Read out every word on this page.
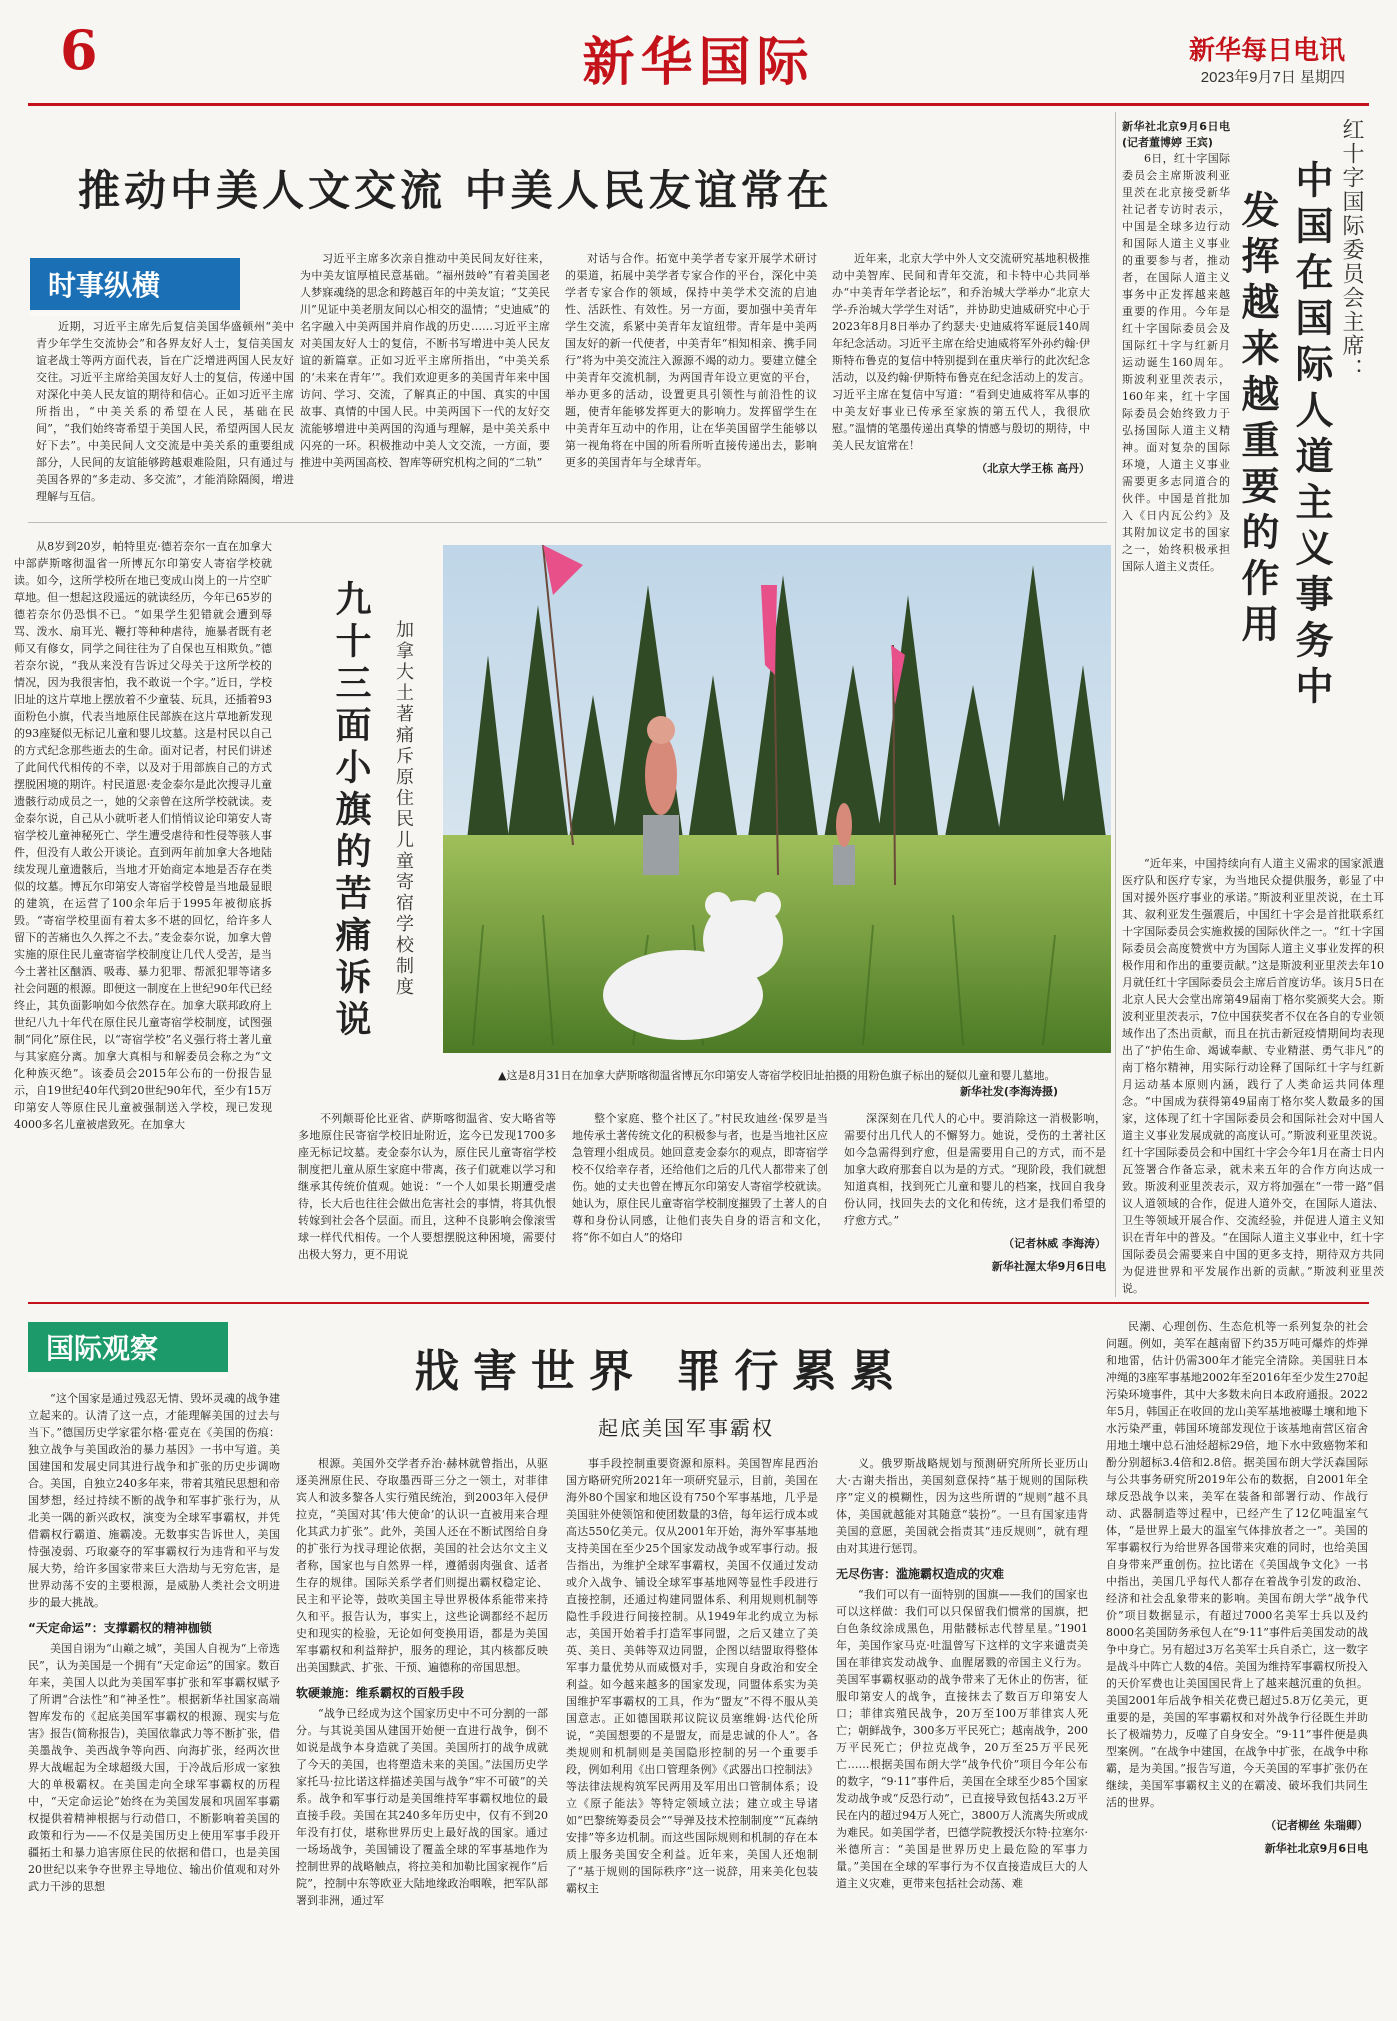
6	新华国际	新华每日电讯
2023年9月7日 星期四
推动中美人文交流 中美人民友谊常在
时事纵横

近期，习近平主席先后复信美国华盛顿州“美中青少年学生交流协会”和各界友好人士，复信美国友谊老战士等两方面代表，旨在广泛增进两国人民友好交往。习近平主席给美国友好人士的复信，传递中国对深化中美人民友谊的期待和信心。正如习近平主席所指出，“中美关系的希望在人民，基础在民间”，“我们始终寄希望于美国人民，希望两国人民友好下去”。中美民间人文交流是中美关系的重要组成部分，人民间的友谊能够跨越艰难险阻，只有通过与美国各界的“多走动、多交流”，才能消除隔阂，增进理解与互信。

习近平主席多次亲自推动中美民间友好往来，为中美友谊厚植民意基础。“福州鼓岭”有着美国老人梦寐魂绕的思念和跨越百年的中美友谊；“艾美民川”见证中美老朋友间以心相交的温情；“史迪威”的名字融入中美两国并肩作战的历史……习近平主席对美国友好人士的复信，不断书写增进中美人民友谊的新篇章。正如习近平主席所指出，“中美关系的‘未来在青年’”。我们欢迎更多的美国青年来中国访问、学习、交流，了解真正的中国、真实的中国故事、真情的中国人民。中美两国下一代的友好交流能够增进中美两国的沟通与理解，是中美关系中闪亮的一环。积极推动中美人文交流，一方面，要推进中美两国高校、智库等研究机构之间的“二轨”

对话与合作。拓宽中美学者专家开展学术研讨的渠道，拓展中美学者专家合作的平台，深化中美学者专家合作的领域，保持中美学术交流的启迪性、活跃性、有效性。另一方面，要加强中美青年学生交流，系紧中美青年友谊纽带。青年是中美两国友好的新一代使者，中美青年“相知相亲、携手同行”将为中美交流注入源源不竭的动力。要建立健全中美青年交流机制，为两国青年设立更宽的平台，举办更多的活动，设置更具引领性与前沿性的议题，使青年能够发挥更大的影响力。发挥留学生在中美青年互动中的作用，让在华美国留学生能够以第一视角将在中国的所看所听直接传递出去，影响更多的美国青年与全球青年。

近年来，北京大学中外人文交流研究基地积极推动中美智库、民间和青年交流，和卡特中心共同举办“中美青年学者论坛”，和乔治城大学举办“北京大学-乔治城大学学生对话”，并协助史迪威研究中心于2023年8月8日举办了约瑟夫·史迪威将军诞辰140周年纪念活动。习近平主席在给史迪威将军外孙约翰·伊斯特布鲁克的复信中特别提到在重庆举行的此次纪念活动，以及约翰·伊斯特布鲁克在纪念活动上的发言。习近平主席在复信中写道：“看到史迪威将军从事的中美友好事业已传承至家族的第五代人，我很欣慰。”温情的笔墨传递出真挚的情感与殷切的期待，中美人民友谊常在！

（北京大学王栋 高丹）

从8岁到20岁，帕特里克·德若奈尔一直在加拿大中部萨斯喀彻温省一所博瓦尔印第安人寄宿学校就读。如今，这所学校所在地已变成山岗上的一片空旷草地。但一想起这段遥远的就读经历，今年已65岁的德若奈尔仍恐惧不已。“如果学生犯错就会遭到辱骂、泼水、扇耳光、鞭打等种种虐待，施暴者既有老师又有修女，同学之间往往为了自保也互相欺负。”德若奈尔说，“我从来没有告诉过父母关于这所学校的情况，因为我很害怕，我不敢说一个字。”近日，学校旧址的这片草地上摆放着不少童装、玩具，还插着93面粉色小旗，代表当地原住民部族在这片草地新发现的93座疑似无标记儿童和婴儿坟墓。这是村民以自己的方式纪念那些逝去的生命。面对记者，村民们讲述了此间代代相传的不幸，以及对于用部族自己的方式摆脱困境的期许。村民道恩·麦金泰尔是此次搜寻儿童遗骸行动成员之一，她的父亲曾在这所学校就读。麦金泰尔说，自己从小就听老人们悄悄议论印第安人寄宿学校儿童神秘死亡、学生遭受虐待和性侵等骇人事件，但没有人敢公开谈论。直到两年前加拿大各地陆续发现儿童遗骸后，当地才开始商定本地是否存在类似的坟墓。博瓦尔印第安人寄宿学校曾是当地最显眼的建筑，在运营了100余年后于1995年被彻底拆毁。“寄宿学校里面有着太多不堪的回忆，给许多人留下的苦痛也久久挥之不去。”麦金泰尔说，加拿大曾实施的原住民儿童寄宿学校制度让几代人受苦，是当今土著社区酗酒、吸毒、暴力犯罪、帮派犯罪等诸多社会问题的根源。即便这一制度在上世纪90年代已经终止，其负面影响如今依然存在。加拿大联邦政府上世纪八九十年代在原住民儿童寄宿学校制度，试图强制“同化”原住民，以“寄宿学校”名义强行将土著儿童与其家庭分离。加拿大真相与和解委员会称之为“文化种族灭绝”。该委员会2015年公布的一份报告显示，自19世纪40年代到20世纪90年代，至少有15万印第安人等原住民儿童被强制送入学校，现已发现4000多名儿童被虐致死。在加拿大

九十三面小旗的苦痛诉说 加拿大土著痛斥原住民儿童寄宿学校制度
▲这是8月31日在加拿大萨斯喀彻温省博瓦尔印第安人寄宿学校旧址拍摄的用粉色旗子标出的疑似儿童和婴儿墓地。
新华社发(李海涛摄)

不列颠哥伦比亚省、萨斯喀彻温省、安大略省等多地原住民寄宿学校旧址附近，迄今已发现1700多座无标记坟墓。麦金泰尔认为，原住民儿童寄宿学校制度把儿童从原生家庭中带离，孩子们就难以学习和继承其传统价值观。她说：“一个人如果长期遭受虐待，长大后也往往会做出危害社会的事情，将其仇恨转嫁到社会各个层面。而且，这种不良影响会像滚雪球一样代代相传。一个人要想摆脱这种困境，需要付出极大努力，更不用说

整个家庭、整个社区了。”村民玫迪丝·保罗是当地传承土著传统文化的积极参与者，也是当地社区应急管理小组成员。她回意麦金泰尔的观点，即寄宿学校不仅给幸存者，还给他们之后的几代人都带来了创伤。她的丈夫也曾在博瓦尔印第安人寄宿学校就读。她认为，原住民儿童寄宿学校制度摧毁了土著人的自尊和身份认同感，让他们丧失自身的语言和文化，将“你不如白人”的烙印

深深刻在几代人的心中。要消除这一消极影响，需要付出几代人的不懈努力。她说，受伤的土著社区如今急需得到疗愈，但是需要用自己的方式，而不是加拿大政府那套自以为是的方式。“现阶段，我们就想知道真相，找到死亡儿童和婴儿的档案，找回自我身份认同，找回失去的文化和传统，这才是我们希望的疗愈方式。”

（记者林威 李海涛）

新华社渥太华9月6日电

红十字国际委员会主席：
中国在国际人道主义事务中
发挥越来越重要的作用
新华社北京9月6日电(记者董博婷 王宾)

6日，红十字国际委员会主席斯波利亚里茨在北京接受新华社记者专访时表示，中国是全球多边行动和国际人道主义事业的重要参与者，推动者，在国际人道主义事务中正发挥越来越重要的作用。今年是红十字国际委员会及国际红十字与红新月运动诞生160周年。斯波利亚里茨表示，160年来，红十字国际委员会始终致力于弘扬国际人道主义精神。面对复杂的国际环境，人道主义事业需要更多志同道合的伙伴。中国是首批加入《日内瓦公约》及其附加议定书的国家之一，始终积极承担国际人道主义责任。

“近年来，中国持续向有人道主义需求的国家派遣医疗队和医疗专家，为当地民众提供服务，彰显了中国对援外医疗事业的承诺。”斯波利亚里茨说，在土耳其、叙利亚发生强震后，中国红十字会是首批联系红十字国际委员会实施救援的国际伙伴之一。“红十字国际委员会高度赞赏中方为国际人道主义事业发挥的积极作用和作出的重要贡献。”这是斯波利亚里茨去年10月就任红十字国际委员会主席后首度访华。该月5日在北京人民大会堂出席第49届南丁格尔奖颁奖大会。斯波利亚里茨表示，7位中国获奖者不仅在各自的专业领域作出了杰出贡献，而且在抗击新冠疫情期间均表现出了“护佑生命、竭诚奉献、专业精湛、勇气非凡”的南丁格尔精神，用实际行动诠释了国际红十字与红新月运动基本原则内涵，践行了人类命运共同体理念。“中国成为获得第49届南丁格尔奖人数最多的国家，这体现了红十字国际委员会和国际社会对中国人道主义事业发展成就的高度认可。”斯波利亚里茨说。红十字国际委员会和中国红十字会今年1月在斋士日内瓦签署合作备忘录，就未来五年的合作方向达成一致。斯波利亚里茨表示，双方将加强在“一带一路”倡议人道领域的合作，促进人道外交，在国际人道法、卫生等领域开展合作、交流经验，并促进人道主义知识在青年中的普及。“在国际人道主义事业中，红十字国际委员会需要来自中国的更多支持，期待双方共同为促进世界和平发展作出新的贡献。”斯波利亚里茨说。

国际观察	戕害世界 罪行累累
起底美国军事霸权

“这个国家是通过残忍无情、毁坏灵魂的战争建立起来的。认清了这一点，才能理解美国的过去与当下。”德国历史学家霍尔格·霍克在《美国的伤痕：独立战争与美国政治的暴力基因》一书中写道。美国建国和发展史同其进行战争和扩张的历史步调吻合。美国，自独立240多年来，带着其殖民思想和帝国梦想，经过持续不断的战争和军事扩张行为，从北美一隅的新兴政权，演变为全球军事霸权，并凭借霸权行霸道、施霸凌。无数事实告诉世人，美国恃强凌弱、巧取豪夺的军事霸权行为违背和平与发展大势，给许多国家带来巨大浩劫与无穷危害，是世界动荡不安的主要根源，是威胁人类社会文明进步的最大挑战。

“天定命运”：支撑霸权的精神枷锁

美国自诩为“山巅之城”，美国人自视为“上帝选民”，认为美国是一个拥有“天定命运”的国家。数百年来，美国人以此为美国军事扩张和军事霸权赋予了所谓“合法性”和“神圣性”。根据新华社国家高端智库发布的《起底美国军事霸权的根源、现实与危害》报告(简称报告)，美国依靠武力等不断扩张，借美墨战争、美西战争等向西、向海扩张，经两次世界大战崛起为全球超级大国，于冷战后形成一家独大的单极霸权。在美国走向全球军事霸权的历程中，“天定命运论”始终在为美国发展和巩固军事霸权提供着精神根据与行动借口，不断影响着美国的政策和行为——不仅是美国历史上使用军事手段开疆拓土和暴力追害原住民的依据和借口，也是美国20世纪以来争夺世界主导地位、输出价值观和对外武力干涉的思想

根源。美国外交学者乔治·赫林就曾指出，从驱逐美洲原住民、夺取墨西哥三分之一领土，对菲律宾人和波多黎各人实行殖民统治，到2003年入侵伊拉克，“美国对其‘伟大使命’的认识一直被用来合理化其武力扩张”。此外，美国人还在不断试图给自身的扩张行为找寻理论依据，美国的社会达尔文主义者称，国家也与自然界一样，遵循弱肉强食、适者生存的规律。国际关系学者们则提出霸权稳定论、民主和平论等，鼓吹美国主导世界极体系能带来持久和平。报告认为，事实上，这些论调都经不起历史和现实的检验，无论如何变换用语，都是为美国军事霸权和利益辩护，服务的理论，其内核都反映出美国黩武、扩张、干预、遍德称的帝国思想。

软硬兼施：维系霸权的百般手段

“战争已经成为这个国家历史中不可分割的一部分。与其说美国从建国开始便一直进行战争，倒不如说是战争本身造就了美国。美国所打的战争成就了今天的美国，也将塑造未来的美国。”法国历史学家托马·拉比诺这样描述美国与战争“牢不可破”的关系。战争和军事行动是美国维持军事霸权地位的最直接手段。美国在其240多年历史中，仅有不到20年没有打仗，堪称世界历史上最好战的国家。通过一场场战争，美国铺设了覆盖全球的军事基地作为控制世界的战略触点，将拉美和加勒比国家视作“后院”，控制中东等欧亚大陆地缘政治咽喉，把军队部署到非洲，通过军

事手段控制重要资源和原料。美国智库昆西治国方略研究所2021年一项研究显示，目前，美国在海外80个国家和地区设有750个军事基地，几乎是美国驻外使领馆和使团数量的3倍，每年运行成本或高达550亿美元。仅从2001年开始，海外军事基地支持美国在至少25个国家发动战争或军事行动。报告指出，为维护全球军事霸权，美国不仅通过发动或介入战争、铺设全球军事基地网等显性手段进行直接控制，还通过构建同盟体系、利用规则机制等隐性手段进行间接控制。从1949年北约成立为标志，美国开始着手打造军事同盟，之后又建立了美英、美日、美韩等双边同盟，企图以结盟取得整体军事力量优势从而威慑对手，实现自身政治和安全利益。如今越来越多的国家发现，同盟体系实为美国维护军事霸权的工具，作为“盟友”不得不服从美国意志。正如德国联邦议院议员塞维姆·达代伦所说，“美国想要的不是盟友，而是忠诚的仆人”。各类规则和机制则是美国隐形控制的另一个重要手段，例如利用《出口管理条例》《武器出口控制法》等法律法规构筑军民两用及军用出口管制体系；设立《原子能法》等特定领域立法；建立或主导诸如“巴黎统筹委员会”“导弹及技术控制制度”“瓦森纳安排”等多边机制。而这些国际规则和机制的存在本质上服务美国安全利益。近年来，美国人还炮制了“基于规则的国际秩序”这一说辞，用来美化包装霸权主

义。俄罗斯战略规划与预测研究所所长亚历山大·古谢夫指出，美国刻意保持“基于规则的国际秩序”定义的模糊性，因为这些所谓的“规则”越不具体，美国就越能对其随意“装扮”。一旦有国家违背美国的意愿，美国就会指责其“违反规则”，就有理由对其进行惩罚。

无尽伤害：滥施霸权造成的灾难

“我们可以有一面特别的国旗——我们的国家也可以这样做：我们可以只保留我们惯常的国旗，把白色条纹涂成黑色，用骷髅标志代替星星。”1901年，美国作家马克·吐温曾写下这样的文字来谴责美国在菲律宾发动战争、血腥屠戮的帝国主义行为。美国军事霸权驱动的战争带来了无休止的伤害，征服印第安人的战争，直接抹去了数百万印第安人口；菲律宾殖民战争，20万至100万菲律宾人死亡；朝鲜战争，300多万平民死亡；越南战争，200万平民死亡；伊拉克战争，20万至25万平民死亡……根据美国布朗大学“战争代价”项目今年公布的数字，“9·11”事件后，美国在全球至少85个国家发动战争或“反恐行动”，已直接导致包括43.2万平民在内的超过94万人死亡，3800万人流离失所或成为难民。如美国学者，巴德学院教授沃尔特·拉塞尔·米德所言：“美国是世界历史上最危险的军事力量。”美国在全球的军事行为不仅直接造成巨大的人道主义灾难，更带来包括社会动荡、难

民潮、心理创伤、生态危机等一系列复杂的社会问题。例如，美军在越南留下约35万吨可爆炸的炸弹和地雷，估计仍需300年才能完全清除。美国驻日本冲绳的3座军事基地2002年至2016年至少发生270起污染环境事件，其中大多数未向日本政府通报。2022年5月，韩国正在收回的龙山美军基地被曝土壤和地下水污染严重，韩国环境部发现位于该基地南营区宿舍用地土壤中总石油烃超标29倍，地下水中致癌物苯和酚分别超标3.4倍和2.8倍。据美国布朗大学沃森国际与公共事务研究所2019年公布的数据，自2001年全球反恐战争以来，美军在装备和部署行动、作战行动、武器制造等过程中，已经产生了12亿吨温室气体，“是世界上最大的温室气体排放者之一”。美国的军事霸权行为给世界各国带来灾难的同时，也给美国自身带来严重创伤。拉比诺在《美国战争文化》一书中指出，美国几乎每代人都存在着战争引发的政治、经济和社会乱象带来的影响。美国布朗大学“战争代价”项目数据显示，有超过7000名美军士兵以及约8000名美国防务承包人在“9·11”事件后美国发动的战争中身亡。另有超过3万名美军士兵自杀亡，这一数字是战斗中阵亡人数的4倍。美国为维持军事霸权所投入的天价军费也让美国国民背上了越来越沉重的负担。美国2001年后战争相关花费已超过5.8万亿美元，更重要的是，美国的军事霸权和对外战争行径既生并助长了极端势力，反噬了自身安全。“9·11”事件便是典型案例。“在战争中建国，在战争中扩张，在战争中称霸，是为美国。”报告写道，今天美国的军事扩张仍在继续，美国军事霸权主义的在霸凌、破坏我们共同生活的世界。

（记者柳丝 朱瑞卿）

新华社北京9月6日电
